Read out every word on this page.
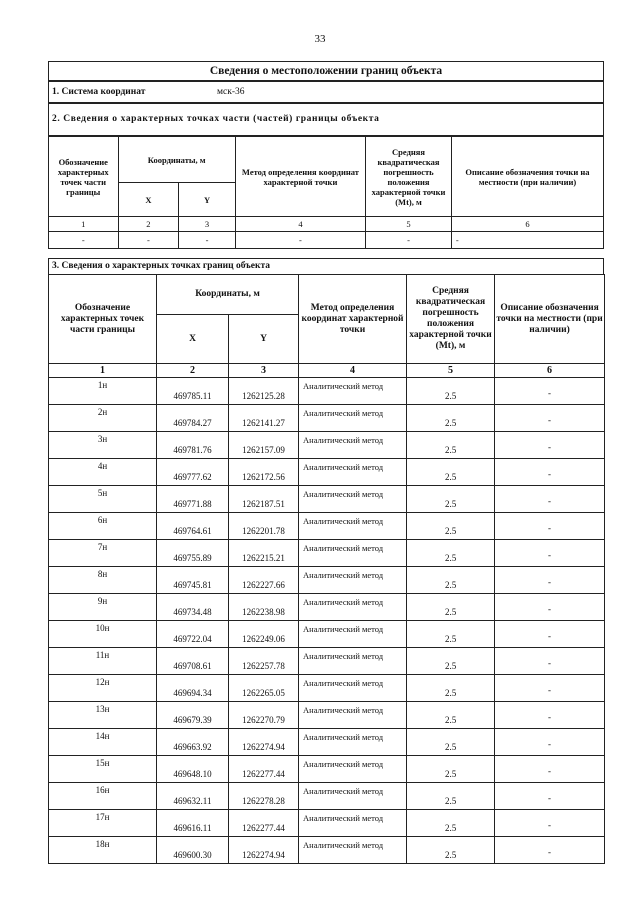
33
Сведения о местоположении границ объекта
1. Система координат	мск-36
2. Сведения о характерных точках части (частей) границы объекта
Обозначение характерных точек части границы	Координаты, м		Метод определения координат характерной точки	Средняя квадратическая погрешность положения характерной точки (Mt), м	Описание обозначения точки на местности (при наличии)
	X	Y			
1	2	3	4	5	6
-	-	-	-	-	-
3. Сведения о характерных точках границ объекта
Обозначение характерных точек части границы	Координаты, м		Метод определения координат характерной точки	Средняя квадратическая погрешность положения характерной точки (Mt), м	Описание обозначения точки на местности (при наличии)
	X	Y			
1	2	3	4	5	6
1н	469785.11	1262125.28	Аналитический метод	2.5	-
2н	469784.27	1262141.27	Аналитический метод	2.5	-
3н	469781.76	1262157.09	Аналитический метод	2.5	-
4н	469777.62	1262172.56	Аналитический метод	2.5	-
5н	469771.88	1262187.51	Аналитический метод	2.5	-
6н	469764.61	1262201.78	Аналитический метод	2.5	-
7н	469755.89	1262215.21	Аналитический метод	2.5	-
8н	469745.81	1262227.66	Аналитический метод	2.5	-
9н	469734.48	1262238.98	Аналитический метод	2.5	-
10н	469722.04	1262249.06	Аналитический метод	2.5	-
11н	469708.61	1262257.78	Аналитический метод	2.5	-
12н	469694.34	1262265.05	Аналитический метод	2.5	-
13н	469679.39	1262270.79	Аналитический метод	2.5	-
14н	469663.92	1262274.94	Аналитический метод	2.5	-
15н	469648.10	1262277.44	Аналитический метод	2.5	-
16н	469632.11	1262278.28	Аналитический метод	2.5	-
17н	469616.11	1262277.44	Аналитический метод	2.5	-
18н	469600.30	1262274.94	Аналитический метод	2.5	-
